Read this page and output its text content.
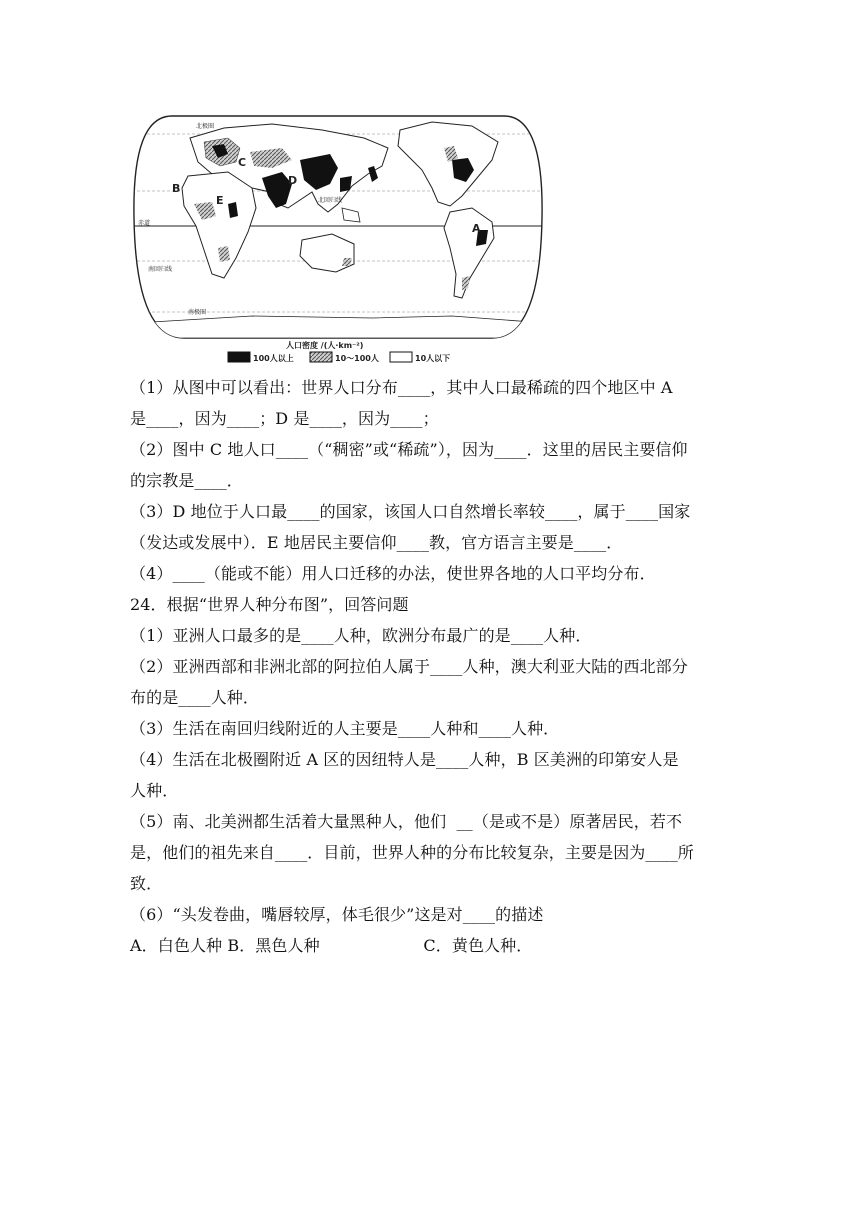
B
E
C
D
A
北极圈
北回归线
赤道
南回归线
南极圈
人口密度 /(人·km⁻²)
100人以上	10～100人	10人以下
（1）从图中可以看出：世界人口分布____，其中人口最稀疏的四个地区中 A
是____，因为____；D 是____，因为____；
（2）图中 C 地人口____（“稠密”或“稀疏”），因为____．这里的居民主要信仰
的宗教是____．
（3）D 地位于人口最____的国家，该国人口自然增长率较____，属于____国家
（发达或发展中）．E 地居民主要信仰____教，官方语言主要是____．
（4）____（能或不能）用人口迁移的办法，使世界各地的人口平均分布．
24．根据“世界人种分布图”，回答问题
（1）亚洲人口最多的是____人种，欧洲分布最广的是____人种．
（2）亚洲西部和非洲北部的阿拉伯人属于____人种，澳大利亚大陆的西北部分
布的是____人种．
（3）生活在南回归线附近的人主要是____人种和____人种．
（4）生活在北极圈附近 A 区的因纽特人是____人种，B 区美洲的印第安人是
人种．
（5）南、北美洲都生活着大量黑种人，他们  __（是或不是）原著居民，若不
是，他们的祖先来自____．目前，世界人种的分布比较复杂，主要是因为____所
致．
（6）“头发卷曲，嘴唇较厚，体毛很少”这是对____的描述
A．白色人种 B．黑色人种                    C．黄色人种．
